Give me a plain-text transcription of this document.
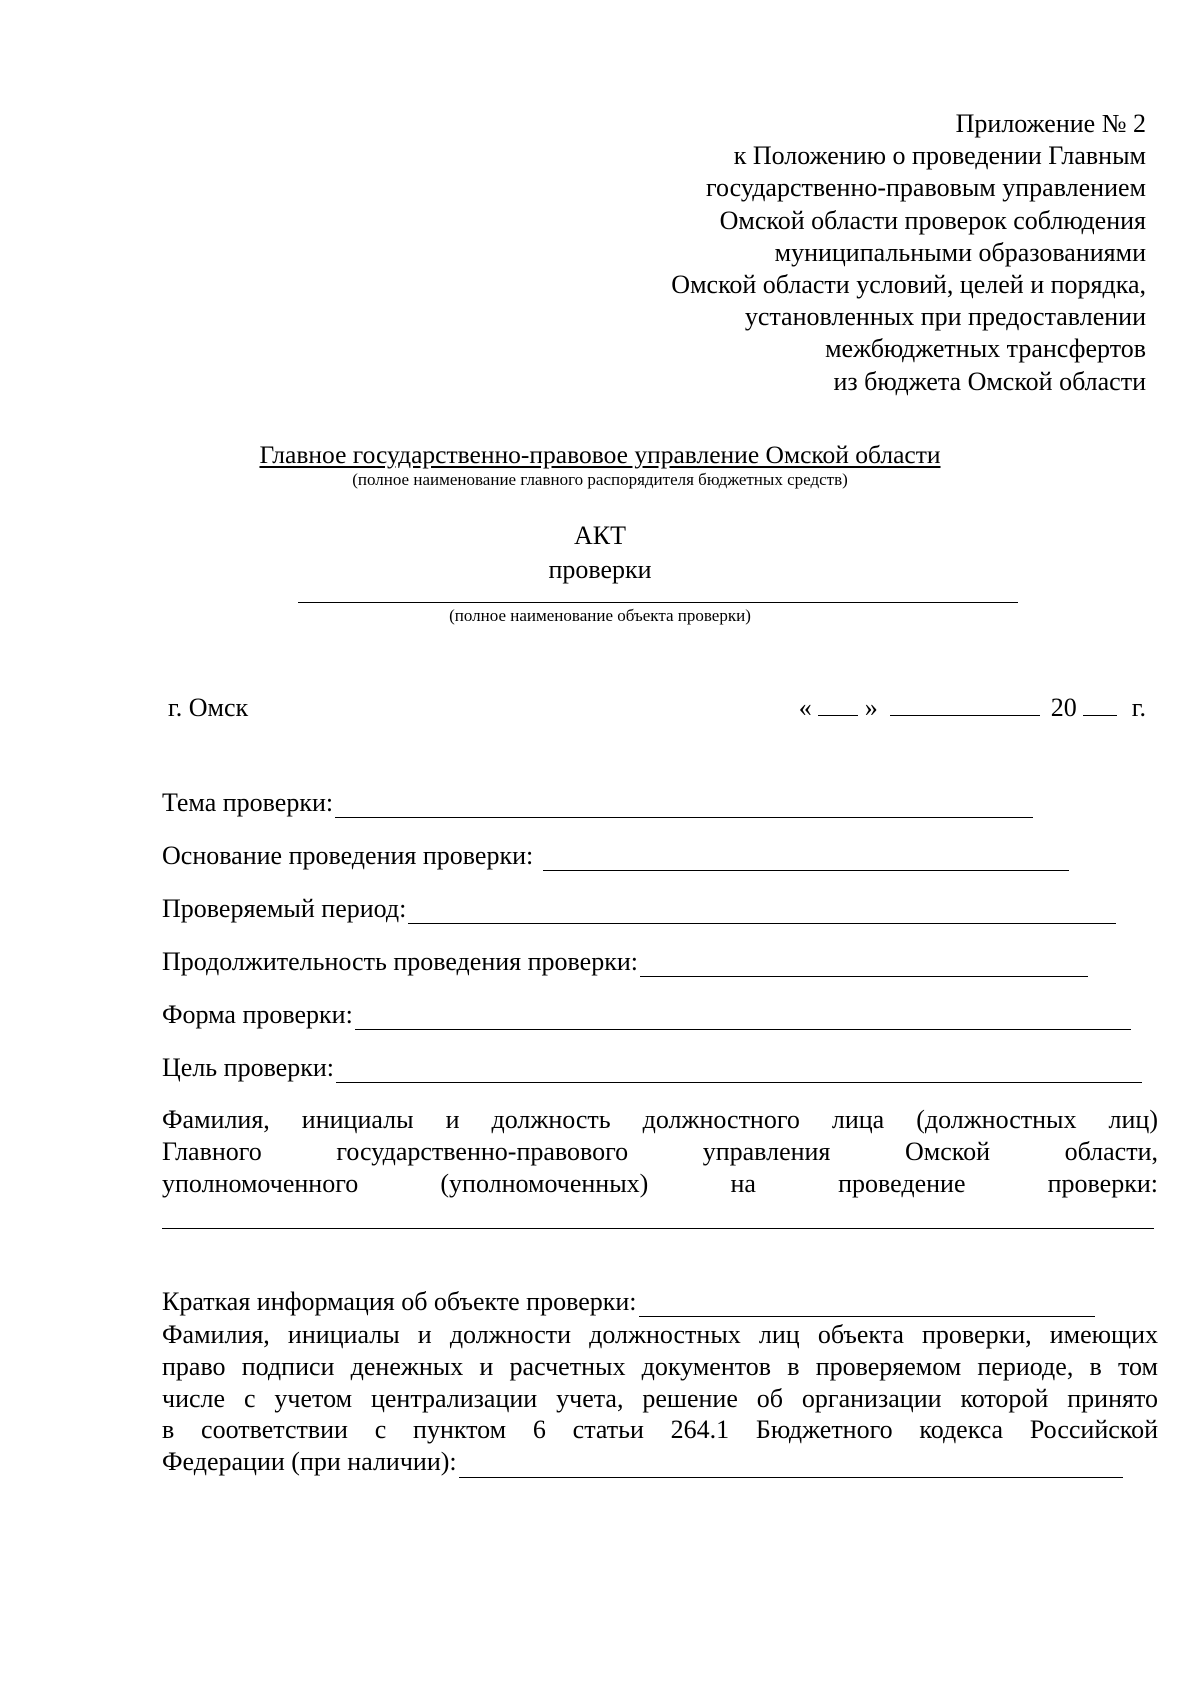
Приложение № 2
к Положению о проведении Главным
государственно-правовым управлением
Омской области проверок соблюдения
муниципальными образованиями
Омской области условий, целей и порядка,
установленных при предоставлении
межбюджетных трансфертов
из бюджета Омской области
Главное государственно-правовое управление Омской области
(полное наименование главного распорядителя бюджетных средств)
АКТ
проверки
(полное наименование объекта проверки)
г. Омск	« »	20 г.
Тема проверки:
Основание проведения проверки:
Проверяемый период:
Продолжительность проведения проверки:
Форма проверки:
Цель проверки:
Фамилия, инициалы и должность должностного лица (должностных лиц)
Главного государственно-правового управления Омской области,
уполномоченного (уполномоченных) на проведение проверки:
Краткая информация об объекте проверки:
Фамилия, инициалы и должности должностных лиц объекта проверки, имеющих
право подписи денежных и расчетных документов в проверяемом периоде, в том
числе с учетом централизации учета, решение об организации которой принято
в соответствии с пунктом 6 статьи 264.1 Бюджетного кодекса Российской
Федерации (при наличии):
